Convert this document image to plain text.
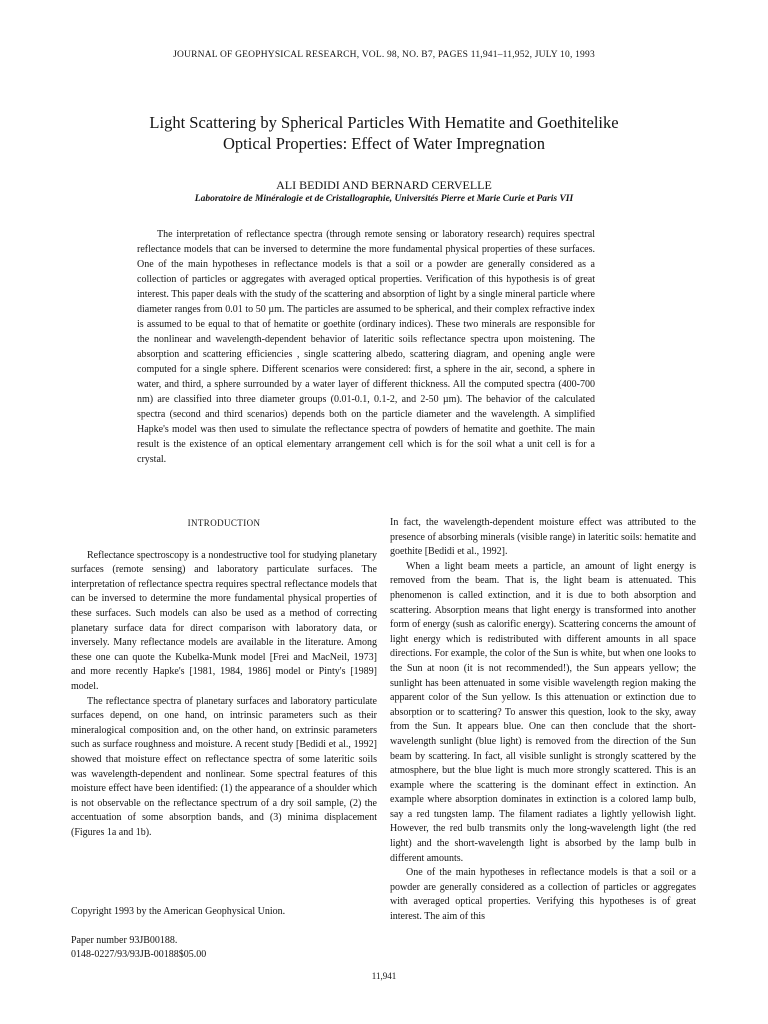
JOURNAL OF GEOPHYSICAL RESEARCH, VOL. 98, NO. B7, PAGES 11,941–11,952, JULY 10, 1993
Light Scattering by Spherical Particles With Hematite and Goethitelike
Optical Properties: Effect of Water Impregnation
ALI BEDIDI AND BERNARD CERVELLE
Laboratoire de Minéralogie et de Cristallographie, Universités Pierre et Marie Curie et Paris VII

The interpretation of reflectance spectra (through remote sensing or laboratory research) requires spectral reflectance models that can be inversed to determine the more fundamental physical properties of these surfaces. One of the main hypotheses in reflectance models is that a soil or a powder are generally considered as a collection of particles or aggregates with averaged optical properties. Verification of this hypothesis is of great interest. This paper deals with the study of the scattering and absorption of light by a single mineral particle where diameter ranges from 0.01 to 50 µm. The particles are assumed to be spherical, and their complex refractive index is assumed to be equal to that of hematite or goethite (ordinary indices). These two minerals are responsible for the nonlinear and wavelength-dependent behavior of lateritic soils reflectance spectra upon moistening. The absorption and scattering efficiencies , single scattering albedo, scattering diagram, and opening angle were computed for a single sphere. Different scenarios were considered: first, a sphere in the air, second, a sphere in water, and third, a sphere surrounded by a water layer of different thickness. All the computed spectra (400-700 nm) are classified into three diameter groups (0.01-0.1, 0.1-2, and 2-50 µm). The behavior of the calculated spectra (second and third scenarios) depends both on the particle diameter and the wavelength. A simplified Hapke's model was then used to simulate the reflectance spectra of powders of hematite and goethite. The main result is the existence of an optical elementary arrangement cell which is for the soil what a unit cell is for a crystal.

INTRODUCTION

Reflectance spectroscopy is a nondestructive tool for studying planetary surfaces (remote sensing) and laboratory particulate surfaces. The interpretation of reflectance spectra requires spectral reflectance models that can be inversed to determine the more fundamental physical properties of these surfaces. Such models can also be used as a method of correcting planetary surface data for direct comparison with laboratory data, or inversely. Many reflectance models are available in the literature. Among these one can quote the Kubelka-Munk model [Frei and MacNeil, 1973] and more recently Hapke's [1981, 1984, 1986] model or Pinty's [1989] model.

The reflectance spectra of planetary surfaces and laboratory particulate surfaces depend, on one hand, on intrinsic parameters such as their mineralogical composition and, on the other hand, on extrinsic parameters such as surface roughness and moisture. A recent study [Bedidi et al., 1992] showed that moisture effect on reflectance spectra of some lateritic soils was wavelength-dependent and nonlinear. Some spectral features of this moisture effect have been identified: (1) the appearance of a shoulder which is not observable on the reflectance spectrum of a dry soil sample, (2) the accentuation of some absorption bands, and (3) minima displacement (Figures 1a and 1b).

Copyright 1993 by the American Geophysical Union.

Paper number 93JB00188.

0148-0227/93/93JB-00188$05.00

In fact, the wavelength-dependent moisture effect was attributed to the presence of absorbing minerals (visible range) in lateritic soils: hematite and goethite [Bedidi et al., 1992].

When a light beam meets a particle, an amount of light energy is removed from the beam. That is, the light beam is attenuated. This phenomenon is called extinction, and it is due to both absorption and scattering. Absorption means that light energy is transformed into another form of energy (sush as calorific energy). Scattering concerns the amount of light energy which is redistributed with different amounts in all space directions. For example, the color of the Sun is white, but when one looks to the Sun at noon (it is not recommended!), the Sun appears yellow; the sunlight has been attenuated in some visible wavelength region making the apparent color of the Sun yellow. Is this attenuation or extinction due to absorption or to scattering? To answer this question, look to the sky, away from the Sun. It appears blue. One can then conclude that the short-wavelength sunlight (blue light) is removed from the direction of the Sun beam by scattering. In fact, all visible sunlight is strongly scattered by the atmosphere, but the blue light is much more strongly scattered. This is an example where the scattering is the dominant effect in extinction. An example where absorption dominates in extinction is a colored lamp bulb, say a red tungsten lamp. The filament radiates a lightly yellowish light. However, the red bulb transmits only the long-wavelength light (the red light) and the short-wavelength light is absorbed by the lamp bulb in different amounts.

One of the main hypotheses in reflectance models is that a soil or a powder are generally considered as a collection of particles or aggregates with averaged optical properties. Verifying this hypotheses is of great interest. The aim of this

11,941
